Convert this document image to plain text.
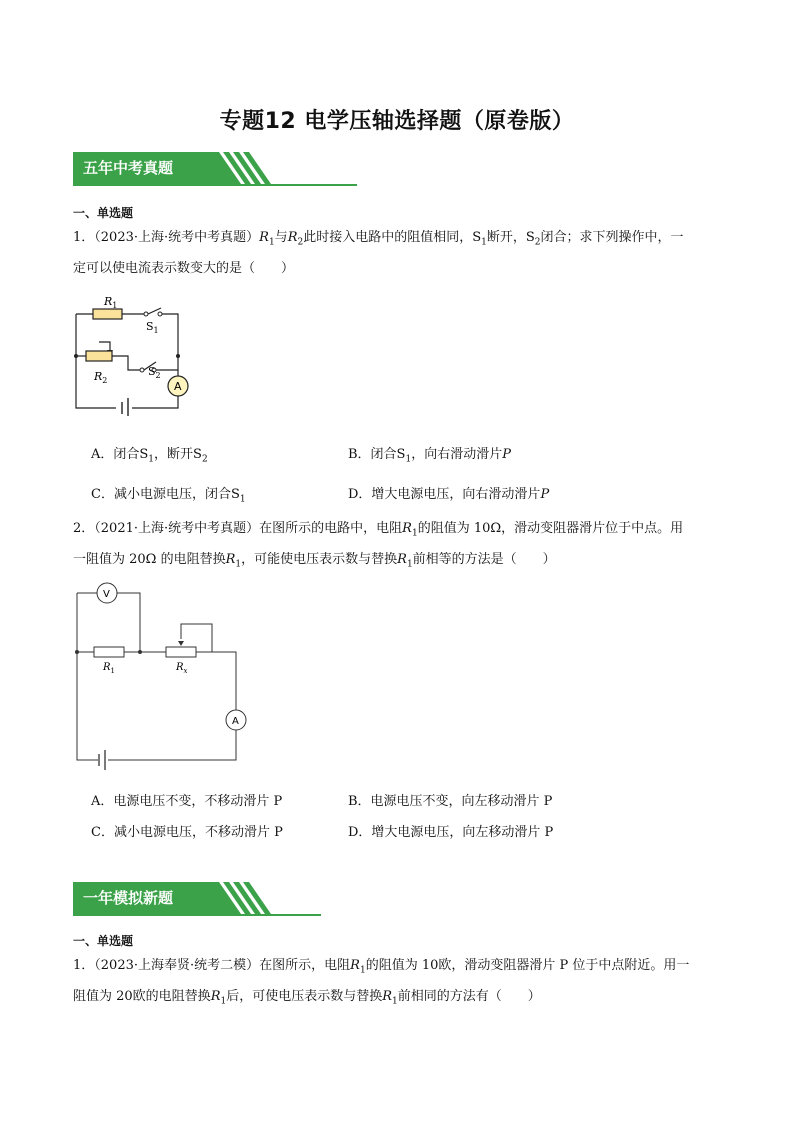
专题12 电学压轴选择题（原卷版）
五年中考真题
一、单选题
1．（2023·上海·统考中考真题）$R_1$与$R_2$此时接入电路中的阻值相同，$S_1$断开，$S_2$闭合；求下列操作中，一
定可以使电流表示数变大的是（　　）
A
$R_1$
$R_2$
$S_1$
$S_2$
A．闭合$S_1$，断开$S_2$	B．闭合$S_1$，向右滑动滑片P
C．减小电源电压，闭合$S_1$	D．增大电源电压，向右滑动滑片P
2．（2021·上海·统考中考真题）在图所示的电路中，电阻$R_1$的阻值为 10Ω，滑动变阻器滑片位于中点。用
一阻值为 20Ω 的电阻替换$R_1$，可能使电压表示数与替换$R_1$前相等的方法是（　　）
V
A
$R_1$	$R_x$
A．电源电压不变，不移动滑片 P	B．电源电压不变，向左移动滑片 P
C．减小电源电压，不移动滑片 P	D．增大电源电压，向左移动滑片 P
一年模拟新题
一、单选题
1．（2023·上海奉贤·统考二模）在图所示，电阻$R_1$的阻值为 10欧，滑动变阻器滑片 P 位于中点附近。用一
阻值为 20欧的电阻替换$R_1$后，可使电压表示数与替换$R_1$前相同的方法有（　　）
